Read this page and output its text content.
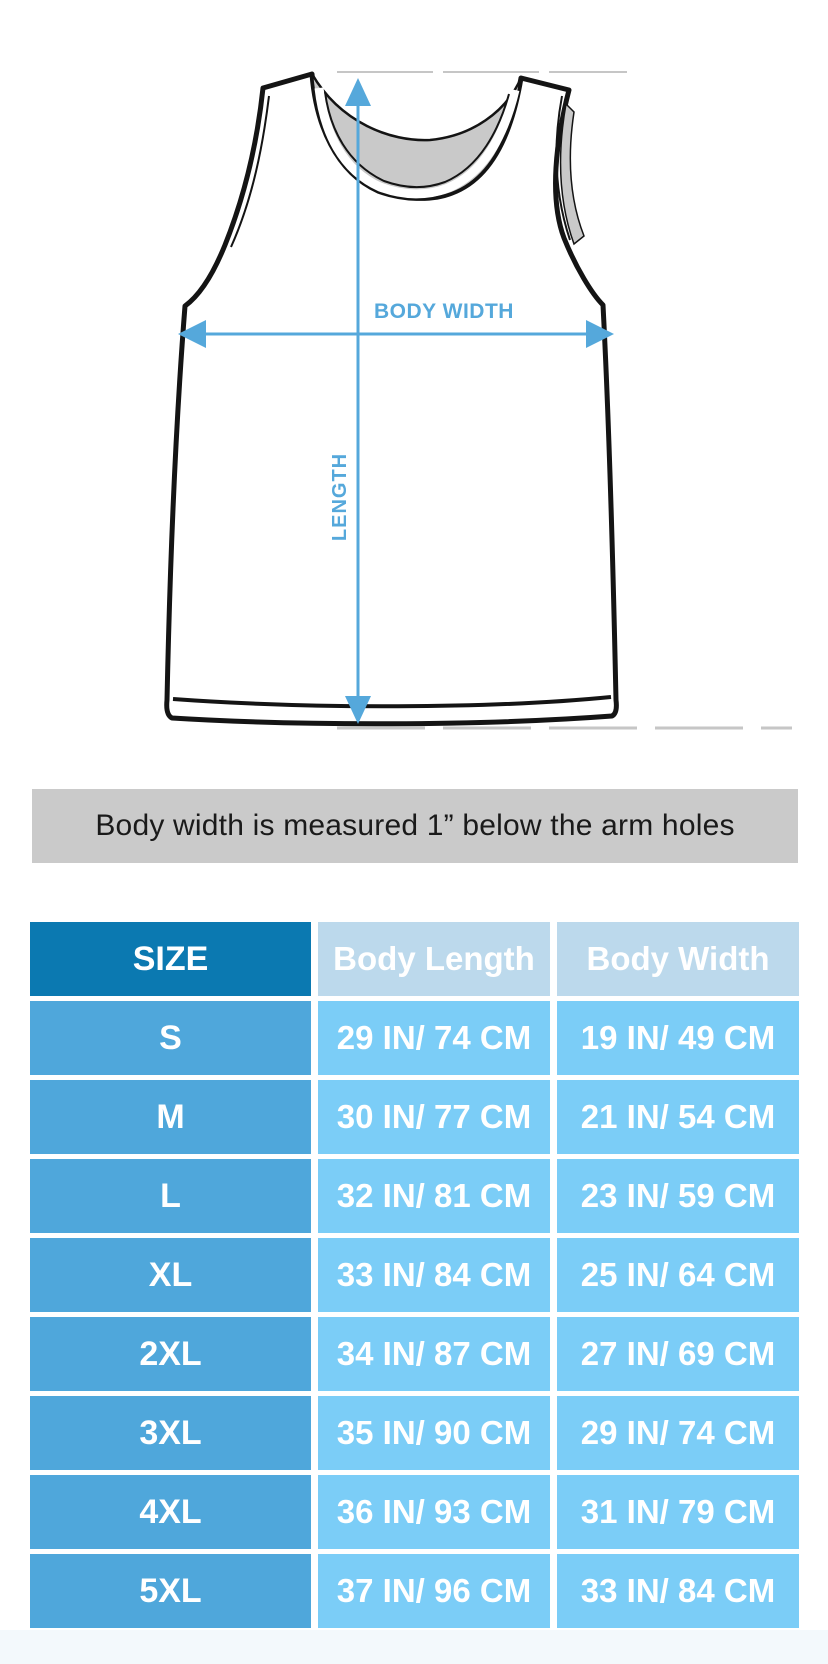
BODY WIDTH
LENGTH
Body width is measured 1” below the arm holes
SIZE	Body Length	Body Width
S	29 IN/ 74 CM	19 IN/ 49 CM
M	30 IN/ 77 CM	21 IN/ 54 CM
L	32 IN/ 81 CM	23 IN/ 59 CM
XL	33 IN/ 84 CM	25 IN/ 64 CM
2XL	34 IN/ 87 CM	27 IN/ 69 CM
3XL	35 IN/ 90 CM	29 IN/ 74 CM
4XL	36 IN/ 93 CM	31 IN/ 79 CM
5XL	37 IN/ 96 CM	33 IN/ 84 CM
